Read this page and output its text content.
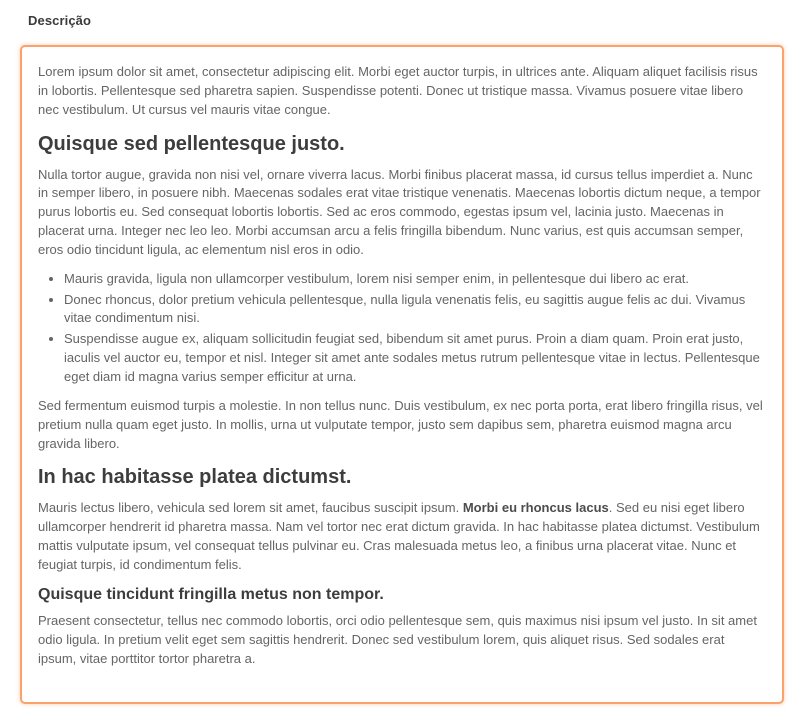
Descrição

Lorem ipsum dolor sit amet, consectetur adipiscing elit. Morbi eget auctor turpis, in ultrices ante. Aliquam aliquet facilisis risus in lobortis. Pellentesque sed pharetra sapien. Suspendisse potenti. Donec ut tristique massa. Vivamus posuere vitae libero nec vestibulum. Ut cursus vel mauris vitae congue.

Quisque sed pellentesque justo.

Nulla tortor augue, gravida non nisi vel, ornare viverra lacus. Morbi finibus placerat massa, id cursus tellus imperdiet a. Nunc in semper libero, in posuere nibh. Maecenas sodales erat vitae tristique venenatis. Maecenas lobortis dictum neque, a tempor purus lobortis eu. Sed consequat lobortis lobortis. Sed ac eros commodo, egestas ipsum vel, lacinia justo. Maecenas in placerat urna. Integer nec leo leo. Morbi accumsan arcu a felis fringilla bibendum. Nunc varius, est quis accumsan semper, eros odio tincidunt ligula, ac elementum nisl eros in odio.

• Mauris gravida, ligula non ullamcorper vestibulum, lorem nisi semper enim, in pellentesque dui libero ac erat.
• Donec rhoncus, dolor pretium vehicula pellentesque, nulla ligula venenatis felis, eu sagittis augue felis ac dui. Vivamus vitae condimentum nisi.
• Suspendisse augue ex, aliquam sollicitudin feugiat sed, bibendum sit amet purus. Proin a diam quam. Proin erat justo, iaculis vel auctor eu, tempor et nisl. Integer sit amet ante sodales metus rutrum pellentesque vitae in lectus. Pellentesque eget diam id magna varius semper efficitur at urna.

Sed fermentum euismod turpis a molestie. In non tellus nunc. Duis vestibulum, ex nec porta porta, erat libero fringilla risus, vel pretium nulla quam eget justo. In mollis, urna ut vulputate tempor, justo sem dapibus sem, pharetra euismod magna arcu gravida libero.

In hac habitasse platea dictumst.

Mauris lectus libero, vehicula sed lorem sit amet, faucibus suscipit ipsum. Morbi eu rhoncus lacus. Sed eu nisi eget libero ullamcorper hendrerit id pharetra massa. Nam vel tortor nec erat dictum gravida. In hac habitasse platea dictumst. Vestibulum mattis vulputate ipsum, vel consequat tellus pulvinar eu. Cras malesuada metus leo, a finibus urna placerat vitae. Nunc et feugiat turpis, id condimentum felis.

Quisque tincidunt fringilla metus non tempor.

Praesent consectetur, tellus nec commodo lobortis, orci odio pellentesque sem, quis maximus nisi ipsum vel justo. In sit amet odio ligula. In pretium velit eget sem sagittis hendrerit. Donec sed vestibulum lorem, quis aliquet risus. Sed sodales erat ipsum, vitae porttitor tortor pharetra a.
